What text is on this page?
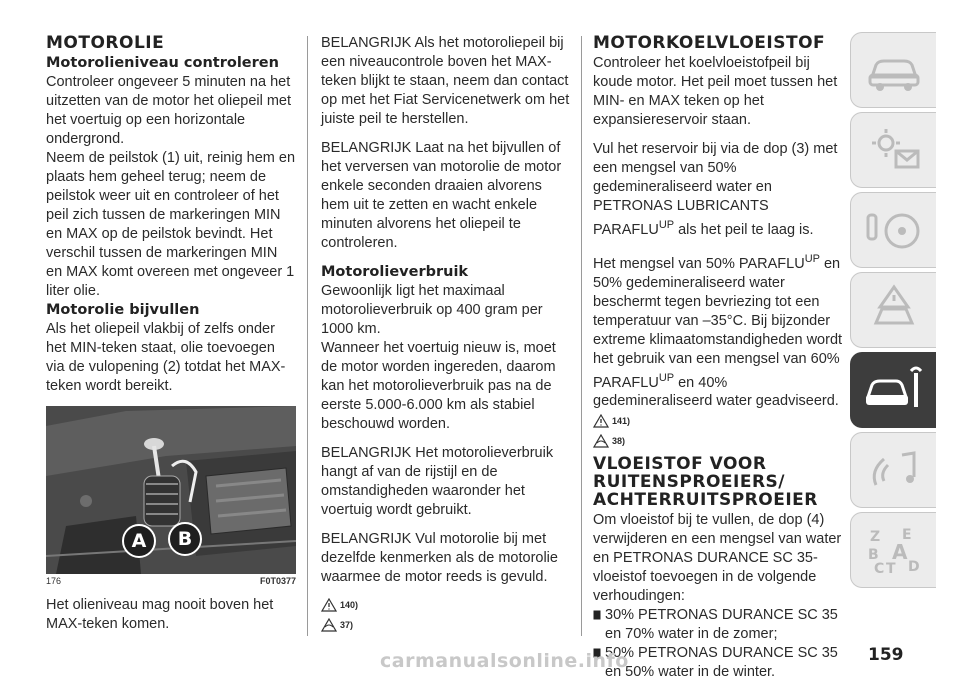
MOTOROLIE
Motorolieniveau controleren

Controleer ongeveer 5 minuten na het uitzetten van de motor het oliepeil met het voertuig op een horizontale ondergrond.

Neem de peilstok (1) uit, reinig hem en plaats hem geheel terug; neem de peilstok weer uit en controleer of het peil zich tussen de markeringen MIN en MAX op de peilstok bevindt. Het verschil tussen de markeringen MIN en MAX komt overeen met ongeveer 1 liter olie.

Motorolie bijvullen

Als het oliepeil vlakbij of zelfs onder het MIN-teken staat, olie toevoegen via de vulopening (2) totdat het MAX-teken wordt bereikt.

A	B
176	F0T0377

Het olieniveau mag nooit boven het MAX-teken komen.

BELANGRIJK Als het motoroliepeil bij een niveaucontrole boven het MAX-teken blijkt te staan, neem dan contact op met het Fiat Servicenetwerk om het juiste peil te herstellen.

BELANGRIJK Laat na het bijvullen of het verversen van motorolie de motor enkele seconden draaien alvorens hem uit te zetten en wacht enkele minuten alvorens het oliepeil te controleren.

Motorolieverbruik

Gewoonlijk ligt het maximaal motorolieverbruik op 400 gram per 1000 km.

Wanneer het voertuig nieuw is, moet de motor worden ingereden, daarom kan het motorolieverbruik pas na de eerste 5.000-6.000 km als stabiel beschouwd worden.

BELANGRIJK Het motorolieverbruik hangt af van de rijstijl en de omstandigheden waaronder het voertuig wordt gebruikt.

BELANGRIJK Vul motorolie bij met dezelfde kenmerken als de motorolie waarmee de motor reeds is gevuld.

140)
37)
MOTORKOELVLOEISTOF

Controleer het koelvloeistofpeil bij koude motor. Het peil moet tussen het MIN- en MAX teken op het expansiereservoir staan.

Vul het reservoir bij via de dop (3) met een mengsel van 50% gedemineraliseerd water en PETRONAS LUBRICANTS $PARAFLU^{UP}$ als het peil te laag is.

Het mengsel van 50% $PARAFLU^{UP}$ en 50% gedemineraliseerd water beschermt tegen bevriezing tot een temperatuur van –35°C. Bij bijzonder extreme klimaatomstandigheden wordt het gebruik van een mengsel van 60% $PARAFLU^{UP}$ en 40% gedemineraliseerd water geadviseerd.

141)
38)
VLOEISTOF VOOR RUITENSPROEIERS/ ACHTERRUITSPROEIER

Om vloeistof bij te vullen, de dop (4) verwijderen en een mengsel van water en PETRONAS DURANCE SC 35-vloeistof toevoegen in de volgende verhoudingen:

30% PETRONAS DURANCE SC 35 en 70% water in de zomer;
50% PETRONAS DURANCE SC 35 en 50% water in de winter.
Z E
B A
C T D
carmanualsonline.info	159
